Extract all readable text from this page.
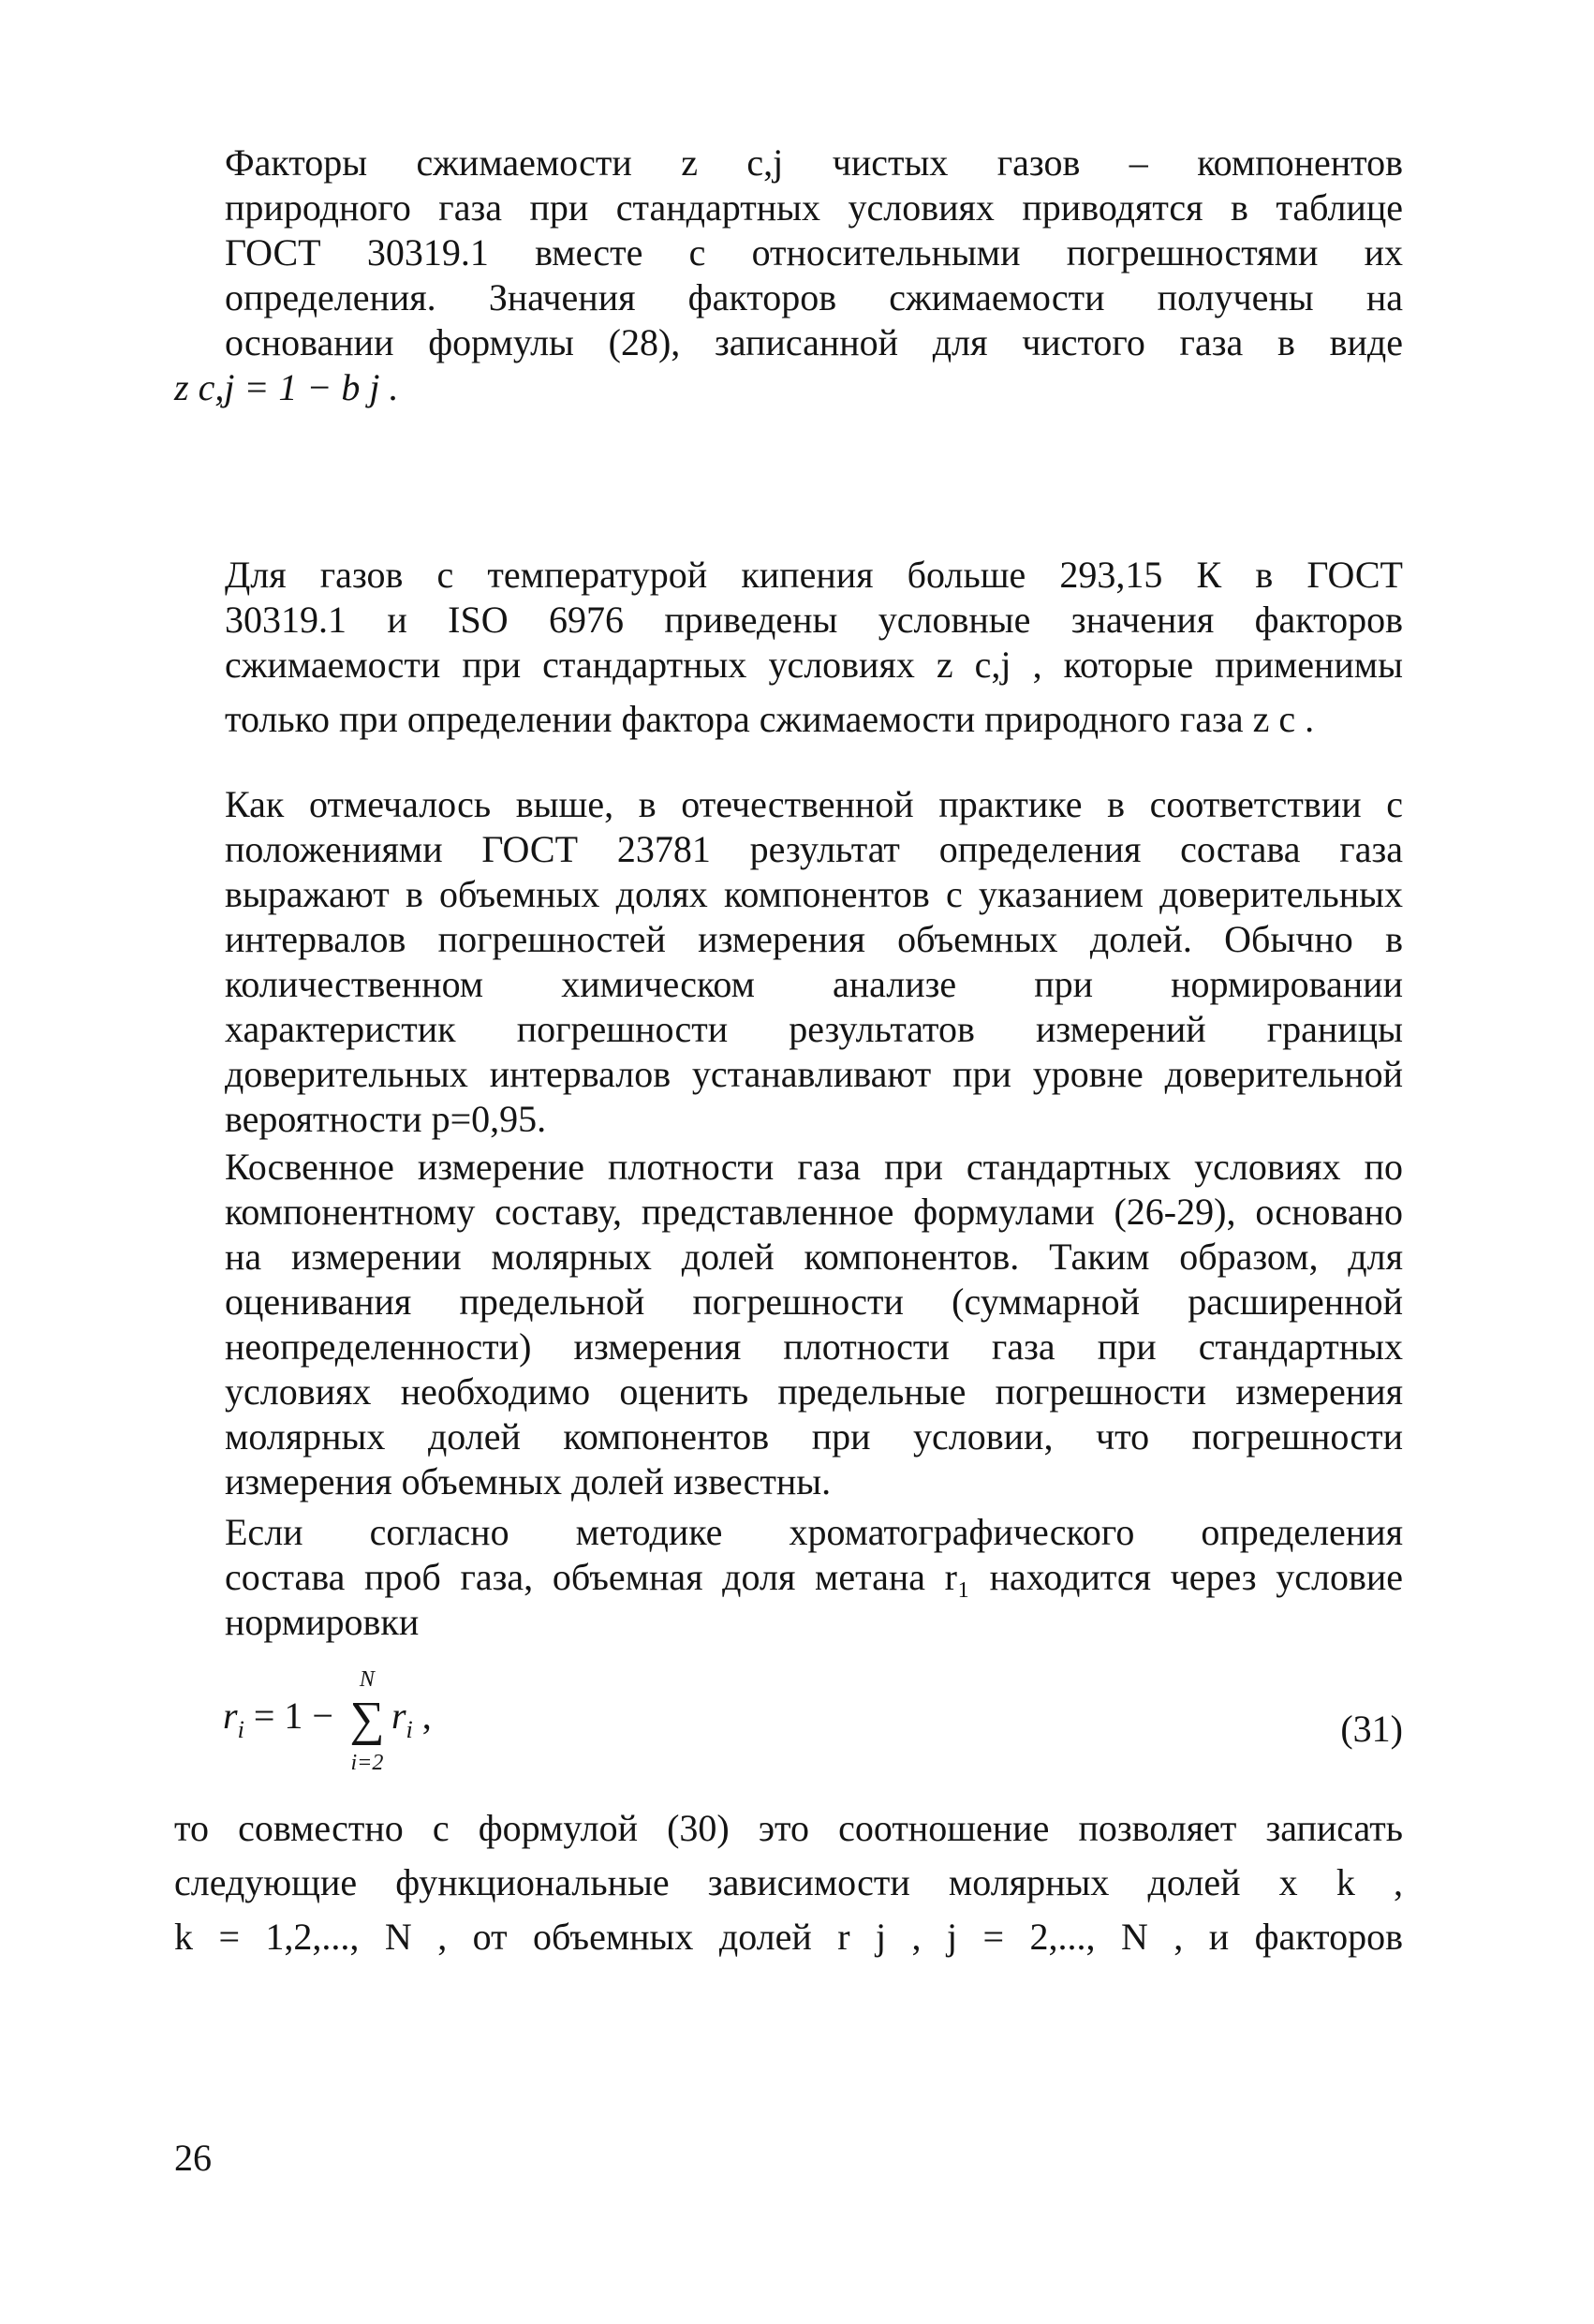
Факторы сжимаемости z c,j чистых газов – компонентов
природного газа при стандартных условиях приводятся в таблице
ГОСТ 30319.1 вместе с относительными погрешностями их
определения. Значения факторов сжимаемости получены на
основании формулы (28), записанной для чистого газа в виде
z c,j = 1 − b j .
Для газов с температурой кипения больше 293,15 К в ГОСТ
30319.1 и ISO 6976 приведены условные значения факторов
сжимаемости при стандартных условиях z c,j , которые применимы
только при определении фактора сжимаемости природного газа z c .
Как отмечалось выше, в отечественной практике в соответствии с
положениями ГОСТ 23781 результат определения состава газа
выражают в объемных долях компонентов с указанием доверительных
интервалов погрешностей измерения объемных долей. Обычно в
количественном химическом анализе при нормировании
характеристик погрешности результатов измерений границы
доверительных интервалов устанавливают при уровне доверительной
вероятности p=0,95.
Косвенное измерение плотности газа при стандартных условиях по
компонентному составу, представленное формулами (26-29), основано
на измерении молярных долей компонентов. Таким образом, для
оценивания предельной погрешности (суммарной расширенной
неопределенности) измерения плотности газа при стандартных
условиях необходимо оценить предельные погрешности измерения
молярных долей компонентов при условии, что погрешности
измерения объемных долей известны.
Если согласно методике хроматографического определения
состава проб газа, объемная доля метана r₁ находится через условие
нормировки
$r_i = 1$ −
N
∑
i=2
$r_i$ ,	(31)
то совместно с формулой (30) это соотношение позволяет записать
следующие функциональные зависимости молярных долей x k ,
k = 1,2,..., N , от объемных долей r j , j = 2,..., N , и факторов
26
